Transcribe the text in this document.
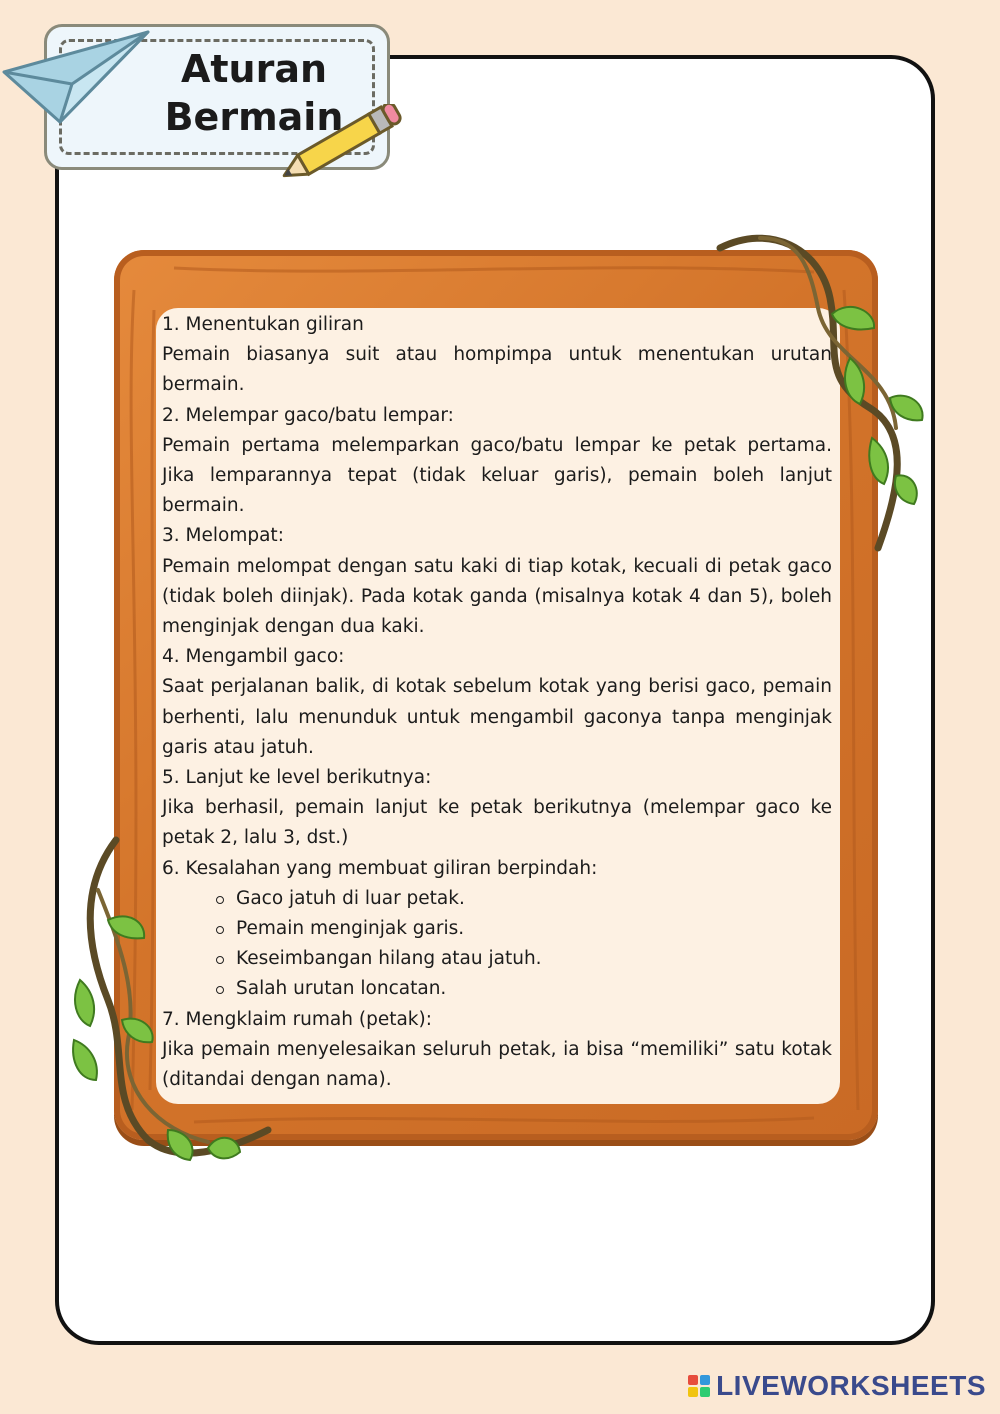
Aturan
Bermain

1. Menentukan giliran

Pemain biasanya suit atau hompimpa untuk menentukan urutan bermain.

2. Melempar gaco/batu lempar:

Pemain pertama melemparkan gaco/batu lempar ke petak pertama. Jika lemparannya tepat (tidak keluar garis), pemain boleh lanjut bermain.

3. Melompat:

Pemain melompat dengan satu kaki di tiap kotak, kecuali di petak gaco (tidak boleh diinjak). Pada kotak ganda (misalnya kotak 4 dan 5), boleh menginjak dengan dua kaki.

4. Mengambil gaco:

Saat perjalanan balik, di kotak sebelum kotak yang berisi gaco, pemain berhenti, lalu menunduk untuk mengambil gaconya tanpa menginjak garis atau jatuh.

5. Lanjut ke level berikutnya:

Jika berhasil, pemain lanjut ke petak berikutnya (melempar gaco ke petak 2, lalu 3, dst.)

6. Kesalahan yang membuat giliran berpindah:

Gaco jatuh di luar petak.
Pemain menginjak garis.
Keseimbangan hilang atau jatuh.
Salah urutan loncatan.

7. Mengklaim rumah (petak):

Jika pemain menyelesaikan seluruh petak, ia bisa “memiliki” satu kotak (ditandai dengan nama).

LIVEWORKSHEETS
